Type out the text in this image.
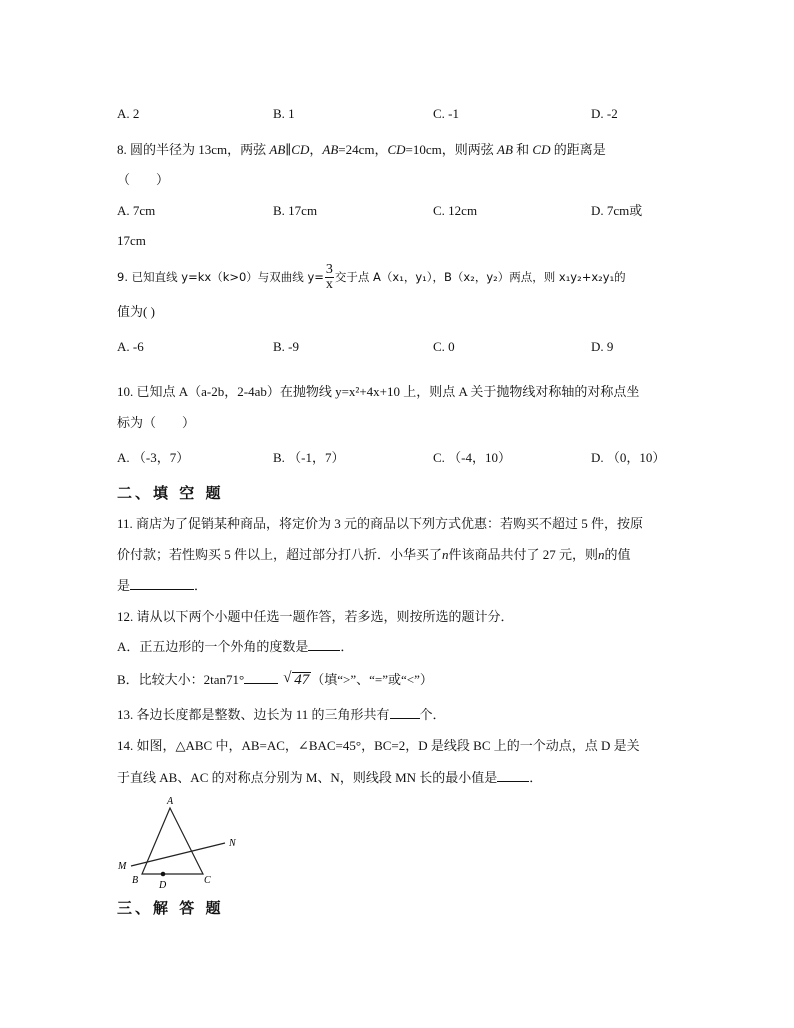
A. 2	B. 1	C. -1	D. -2
8. 圆的半径为 13cm，两弦 AB∥CD，AB=24cm，CD=10cm，则两弦 AB 和 CD 的距离是
（　　）
A. 7cm	B. 17cm	C. 12cm	D. 7cm或
17cm
9. 已知直线 y=kx（k>0）与双曲线 $y= \frac{3}{x}$ 交于点 A（x₁，y₁），B（x₂，y₂）两点，则 x₁y₂+x₂y₁的
值为( )
A. -6	B. -9	C. 0	D. 9
10. 已知点 A（a-2b，2-4ab）在抛物线 y=x²+4x+10 上，则点 A 关于抛物线对称轴的对称点坐
标为（　　）
A. （-3，7）	B. （-1，7）	C. （-4，10）	D. （0，10）
二、填 空 题
11. 商店为了促销某种商品，将定价为 3 元的商品以下列方式优惠：若购买不超过 5 件，按原
价付款；若性购买 5 件以上，超过部分打八折．小华买了n件该商品共付了 27 元，则n的值
是	．
12. 请从以下两个小题中任选一题作答，若多选，则按所选的题计分．
A．正五边形的一个外角的度数是 ．
B．比较大小：2tan71°	√ 47 （填“>”、“=”或“<”）
13. 各边长度都是整数、边长为 11 的三角形共有 个．
14. 如图，△ABC 中，AB=AC，∠BAC=45°，BC=2，D 是线段 BC 上的一个动点，点 D 是关
于直线 AB、AC 的对称点分别为 M、N，则线段 MN 长的最小值是 ．
A
B	C
D
M
N
三、解 答 题
